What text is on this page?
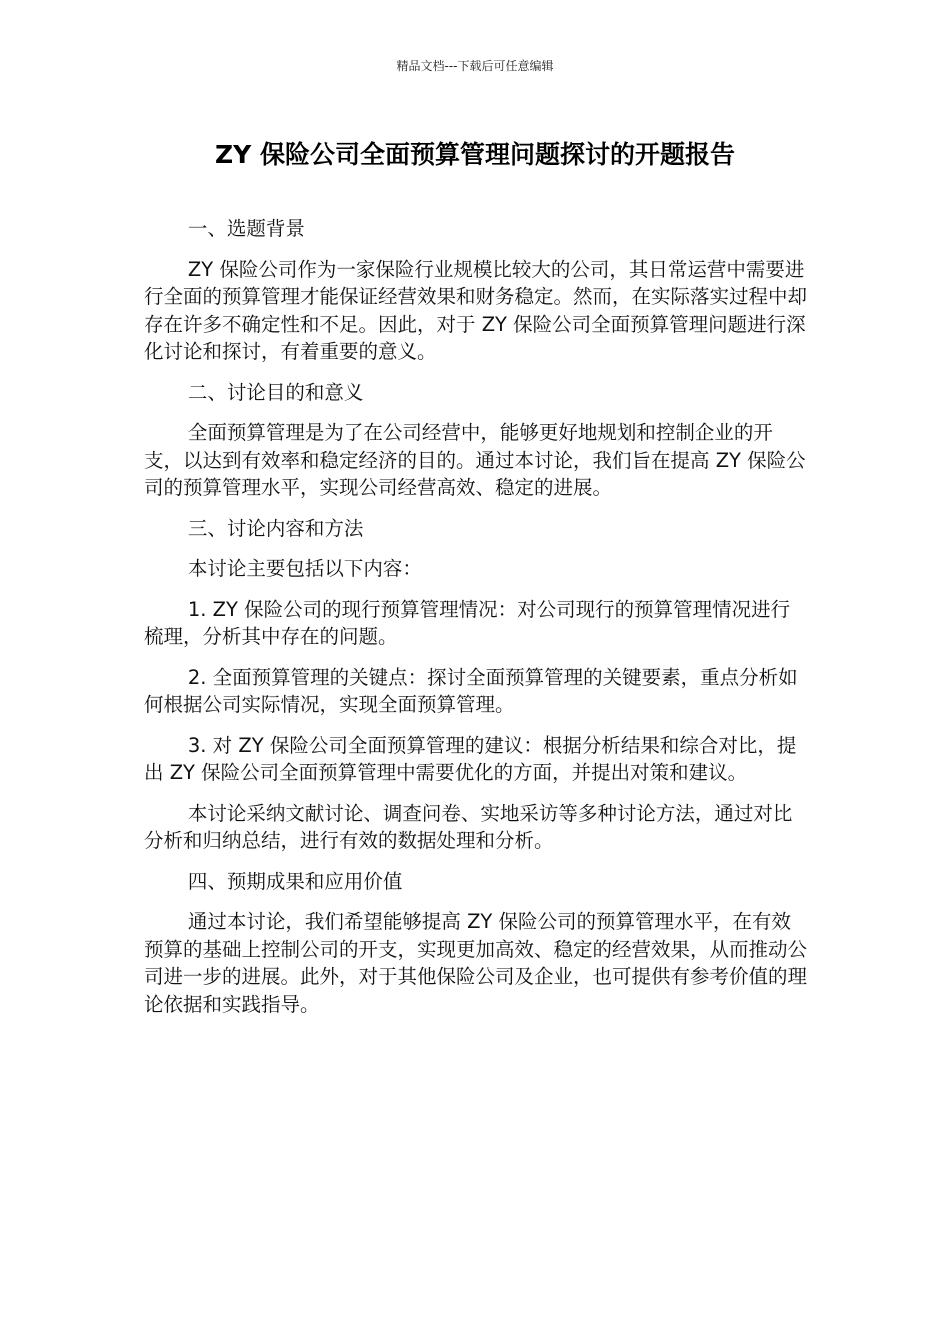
精品文档---下载后可任意编辑
ZY 保险公司全面预算管理问题探讨的开题报告

一、选题背景

ZY 保险公司作为一家保险行业规模比较大的公司，其日常运营中需要进行全面的预算管理才能保证经营效果和财务稳定。然而，在实际落实过程中却存在许多不确定性和不足。因此，对于 ZY 保险公司全面预算管理问题进行深化讨论和探讨，有着重要的意义。

二、讨论目的和意义

全面预算管理是为了在公司经营中，能够更好地规划和控制企业的开支，以达到有效率和稳定经济的目的。通过本讨论，我们旨在提高 ZY 保险公司的预算管理水平，实现公司经营高效、稳定的进展。

三、讨论内容和方法

本讨论主要包括以下内容：

1. ZY 保险公司的现行预算管理情况：对公司现行的预算管理情况进行梳理，分析其中存在的问题。

2. 全面预算管理的关键点：探讨全面预算管理的关键要素，重点分析如何根据公司实际情况，实现全面预算管理。

3. 对 ZY 保险公司全面预算管理的建议：根据分析结果和综合对比，提出 ZY 保险公司全面预算管理中需要优化的方面，并提出对策和建议。

本讨论采纳文献讨论、调查问卷、实地采访等多种讨论方法，通过对比分析和归纳总结，进行有效的数据处理和分析。

四、预期成果和应用价值

通过本讨论，我们希望能够提高 ZY 保险公司的预算管理水平，在有效预算的基础上控制公司的开支，实现更加高效、稳定的经营效果，从而推动公司进一步的进展。此外，对于其他保险公司及企业，也可提供有参考价值的理论依据和实践指导。
